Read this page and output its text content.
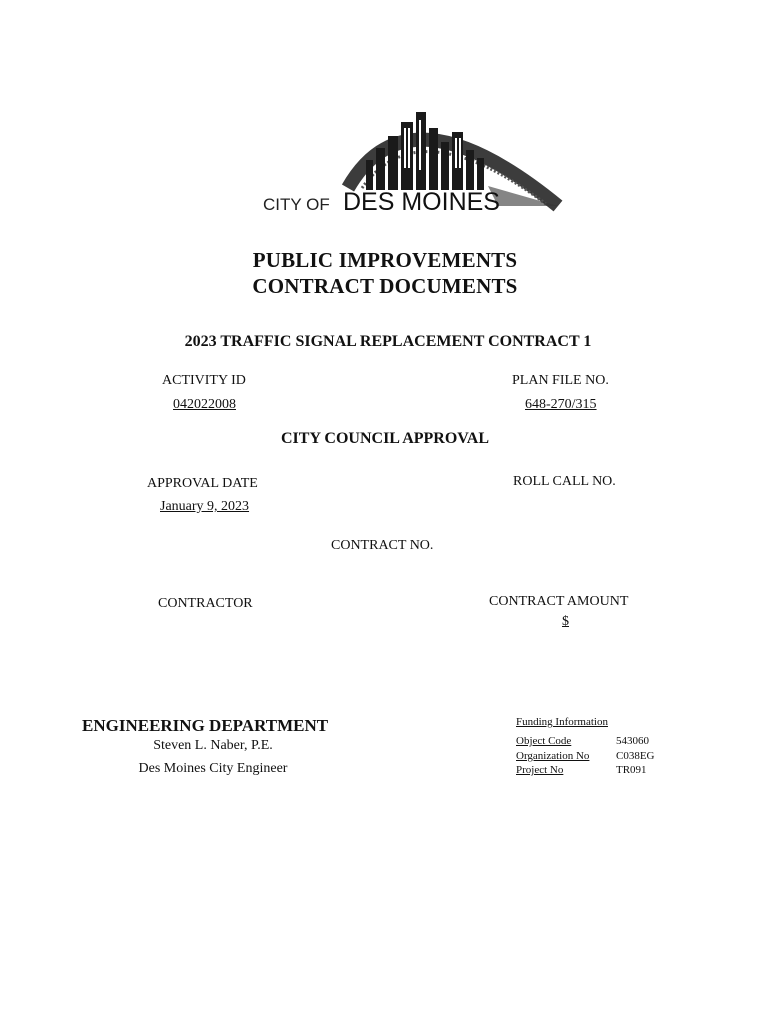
CITY OF DES MOINES
PUBLIC IMPROVEMENTS
CONTRACT DOCUMENTS
2023 TRAFFIC SIGNAL REPLACEMENT CONTRACT 1
ACTIVITY ID
042022008
PLAN FILE NO.
648-270/315
CITY COUNCIL APPROVAL
APPROVAL DATE
January 9, 2023
ROLL CALL NO.
CONTRACT NO.
CONTRACTOR	CONTRACT AMOUNT
$
ENGINEERING DEPARTMENT
Steven L. Naber, P.E.
Des Moines City Engineer
Funding Information
Object Code	543060
Organization No C038EG
Project No	TR091
